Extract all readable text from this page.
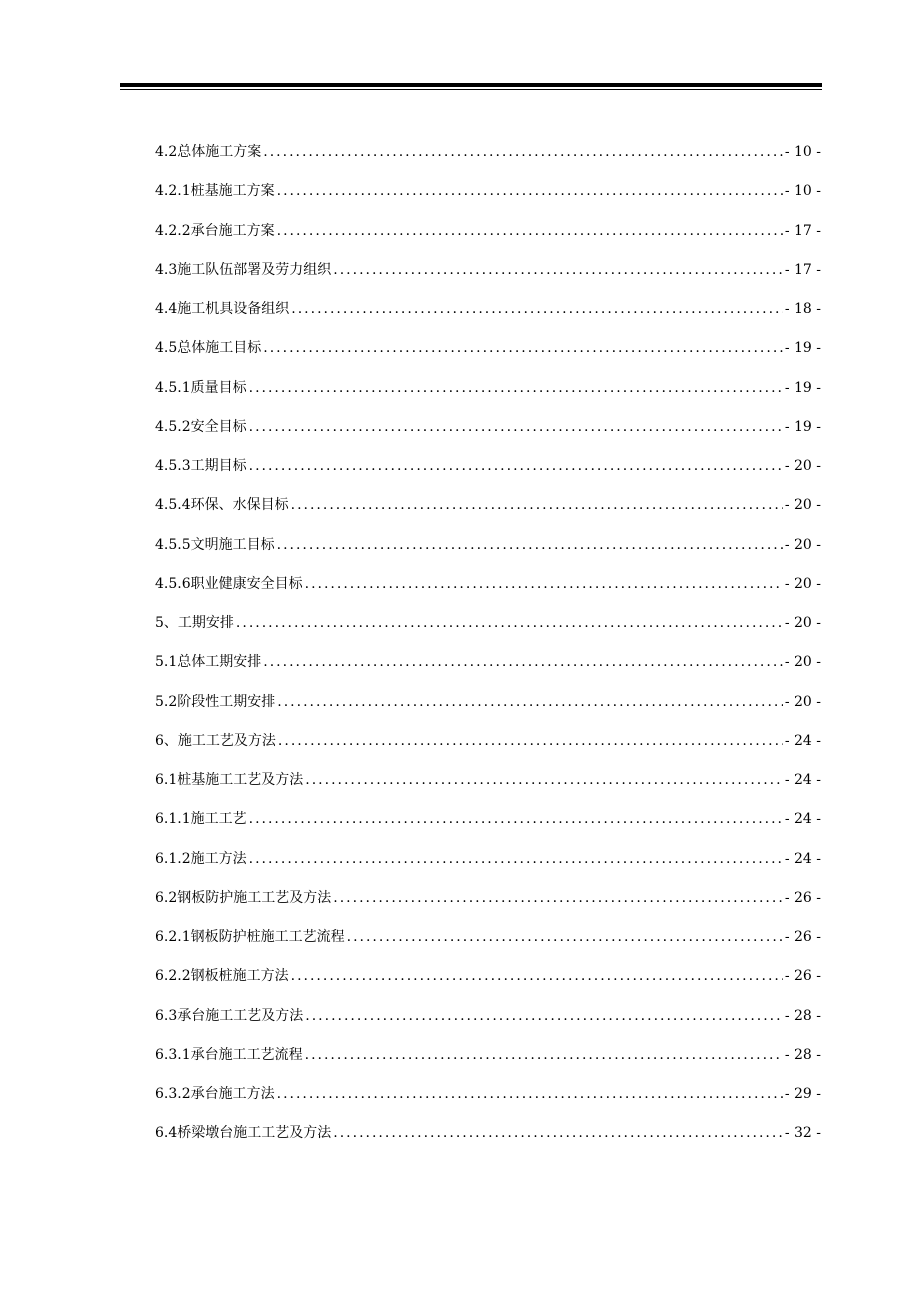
4.2总体施工方案 .....	- 10 -
4.2.1桩基施工方案 .....	- 10 -
4.2.2承台施工方案 .....	- 17 -
4.3施工队伍部署及劳力组织 .....	- 17 -
4.4施工机具设备组织 .....	- 18 -
4.5总体施工目标 .....	- 19 -
4.5.1质量目标 .....	- 19 -
4.5.2安全目标 .....	- 19 -
4.5.3工期目标 .....	- 20 -
4.5.4环保、水保目标 .....	- 20 -
4.5.5文明施工目标 .....	- 20 -
4.5.6职业健康安全目标 .....	- 20 -
5、工期安排 .....	- 20 -
5.1总体工期安排 .....	- 20 -
5.2阶段性工期安排 .....	- 20 -
6、施工工艺及方法 .....	- 24 -
6.1桩基施工工艺及方法 .....	- 24 -
6.1.1施工工艺 .....	- 24 -
6.1.2施工方法 .....	- 24 -
6.2钢板防护施工工艺及方法 .....	- 26 -
6.2.1钢板防护桩施工工艺流程 .....	- 26 -
6.2.2钢板桩施工方法 .....	- 26 -
6.3承台施工工艺及方法 .....	- 28 -
6.3.1承台施工工艺流程 .....	- 28 -
6.3.2承台施工方法 .....	- 29 -
6.4桥梁墩台施工工艺及方法 .....	- 32 -
